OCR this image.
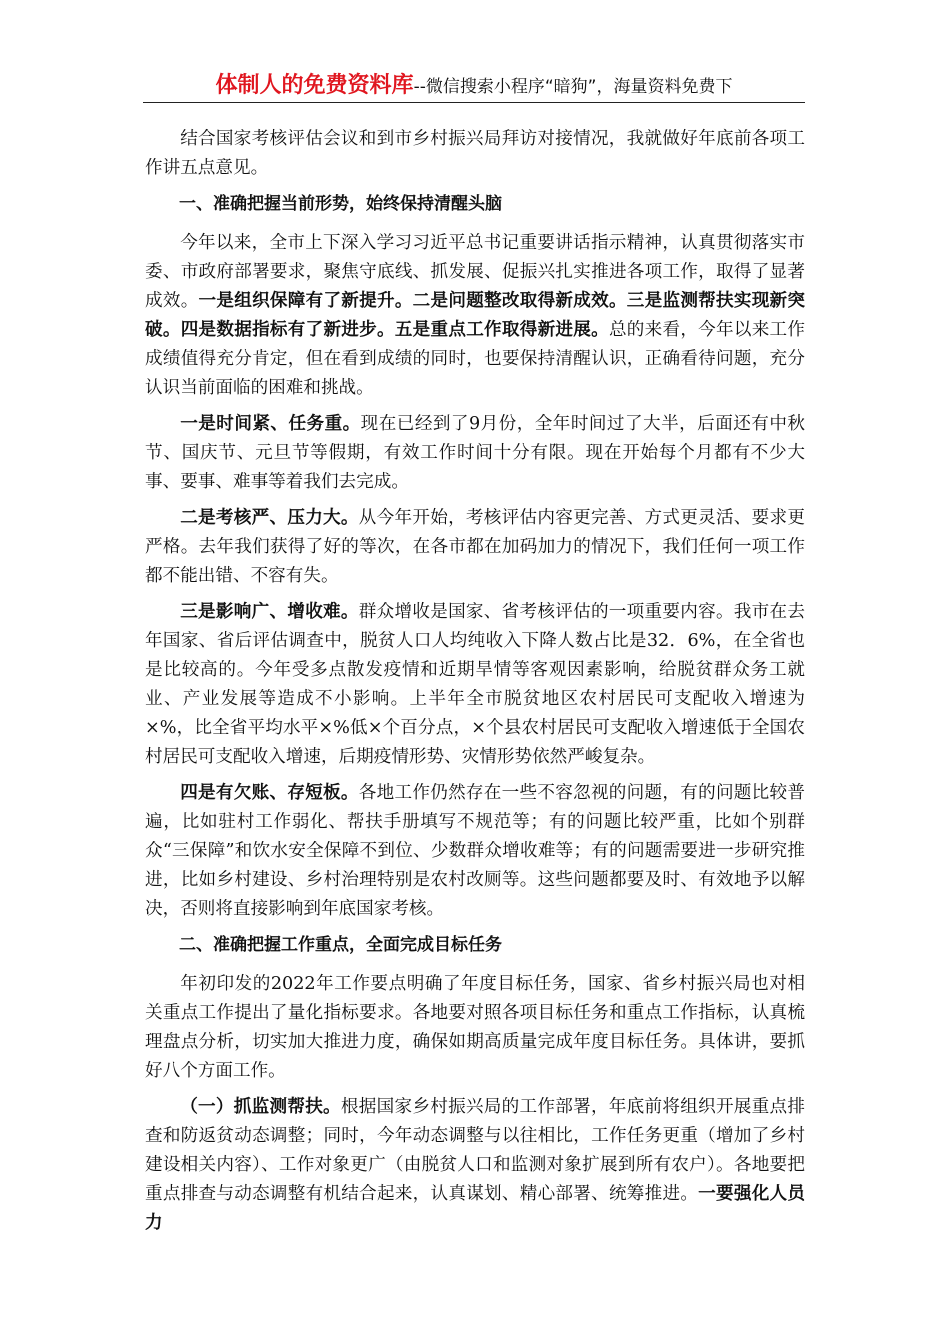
体制人的免费资料库--微信搜索小程序“暗狗”，海量资料免费下

结合国家考核评估会议和到市乡村振兴局拜访对接情况，我就做好年底前各项工作讲五点意见。

一、准确把握当前形势，始终保持清醒头脑

今年以来，全市上下深入学习习近平总书记重要讲话指示精神，认真贯彻落实市委、市政府部署要求，聚焦守底线、抓发展、促振兴扎实推进各项工作，取得了显著成效。一是组织保障有了新提升。二是问题整改取得新成效。三是监测帮扶实现新突破。四是数据指标有了新进步。五是重点工作取得新进展。总的来看，今年以来工作成绩值得充分肯定，但在看到成绩的同时，也要保持清醒认识，正确看待问题，充分认识当前面临的困难和挑战。

一是时间紧、任务重。现在已经到了9月份，全年时间过了大半，后面还有中秋节、国庆节、元旦节等假期，有效工作时间十分有限。现在开始每个月都有不少大事、要事、难事等着我们去完成。

二是考核严、压力大。从今年开始，考核评估内容更完善、方式更灵活、要求更严格。去年我们获得了好的等次，在各市都在加码加力的情况下，我们任何一项工作都不能出错、不容有失。

三是影响广、增收难。群众增收是国家、省考核评估的一项重要内容。我市在去年国家、省后评估调查中，脱贫人口人均纯收入下降人数占比是32．6%，在全省也是比较高的。今年受多点散发疫情和近期旱情等客观因素影响，给脱贫群众务工就业、产业发展等造成不小影响。上半年全市脱贫地区农村居民可支配收入增速为×%，比全省平均水平×%低×个百分点，×个县农村居民可支配收入增速低于全国农村居民可支配收入增速，后期疫情形势、灾情形势依然严峻复杂。

四是有欠账、存短板。各地工作仍然存在一些不容忽视的问题，有的问题比较普遍，比如驻村工作弱化、帮扶手册填写不规范等；有的问题比较严重，比如个别群众“三保障”和饮水安全保障不到位、少数群众增收难等；有的问题需要进一步研究推进，比如乡村建设、乡村治理特别是农村改厕等。这些问题都要及时、有效地予以解决，否则将直接影响到年底国家考核。

二、准确把握工作重点，全面完成目标任务

年初印发的2022年工作要点明确了年度目标任务，国家、省乡村振兴局也对相关重点工作提出了量化指标要求。各地要对照各项目标任务和重点工作指标，认真梳理盘点分析，切实加大推进力度，确保如期高质量完成年度目标任务。具体讲，要抓好八个方面工作。

（一）抓监测帮扶。根据国家乡村振兴局的工作部署，年底前将组织开展重点排查和防返贫动态调整；同时，今年动态调整与以往相比，工作任务更重（增加了乡村建设相关内容）、工作对象更广（由脱贫人口和监测对象扩展到所有农户）。各地要把重点排查与动态调整有机结合起来，认真谋划、精心部署、统筹推进。一要强化人员力
